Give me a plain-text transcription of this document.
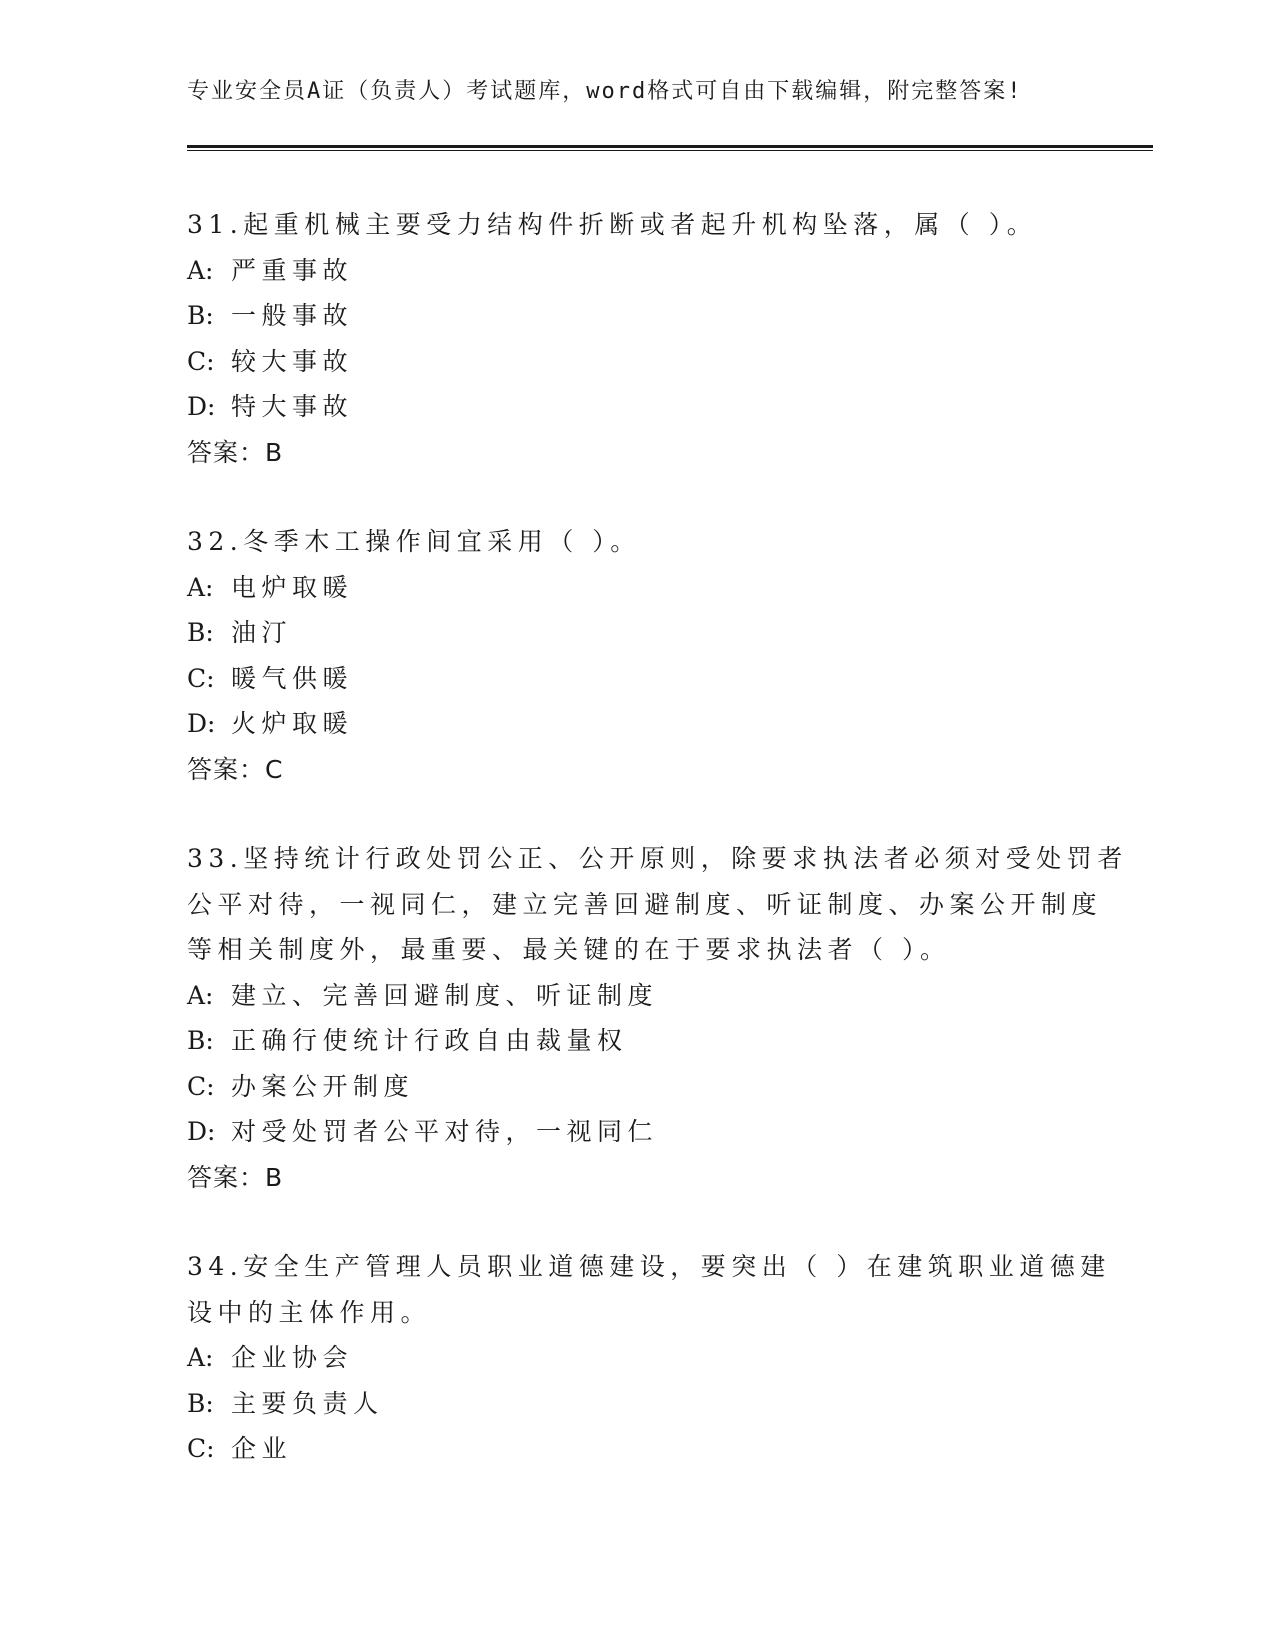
专业安全员A证（负责人）考试题库，word格式可自由下载编辑，附完整答案!
31.起重机械主要受力结构件折断或者起升机构坠落，属（ ）。
A: 严重事故
B: 一般事故
C: 较大事故
D: 特大事故
答案：B
32.冬季木工操作间宜采用（ ）。
A: 电炉取暖
B: 油汀
C: 暖气供暖
D: 火炉取暖
答案：C
33.坚持统计行政处罚公正、公开原则，除要求执法者必须对受处罚者
公平对待，一视同仁，建立完善回避制度、听证制度、办案公开制度
等相关制度外，最重要、最关键的在于要求执法者（ ）。
A: 建立、完善回避制度、听证制度
B: 正确行使统计行政自由裁量权
C: 办案公开制度
D: 对受处罚者公平对待，一视同仁
答案：B
34.安全生产管理人员职业道德建设，要突出（ ）在建筑职业道德建
设中的主体作用。
A: 企业协会
B: 主要负责人
C: 企业
